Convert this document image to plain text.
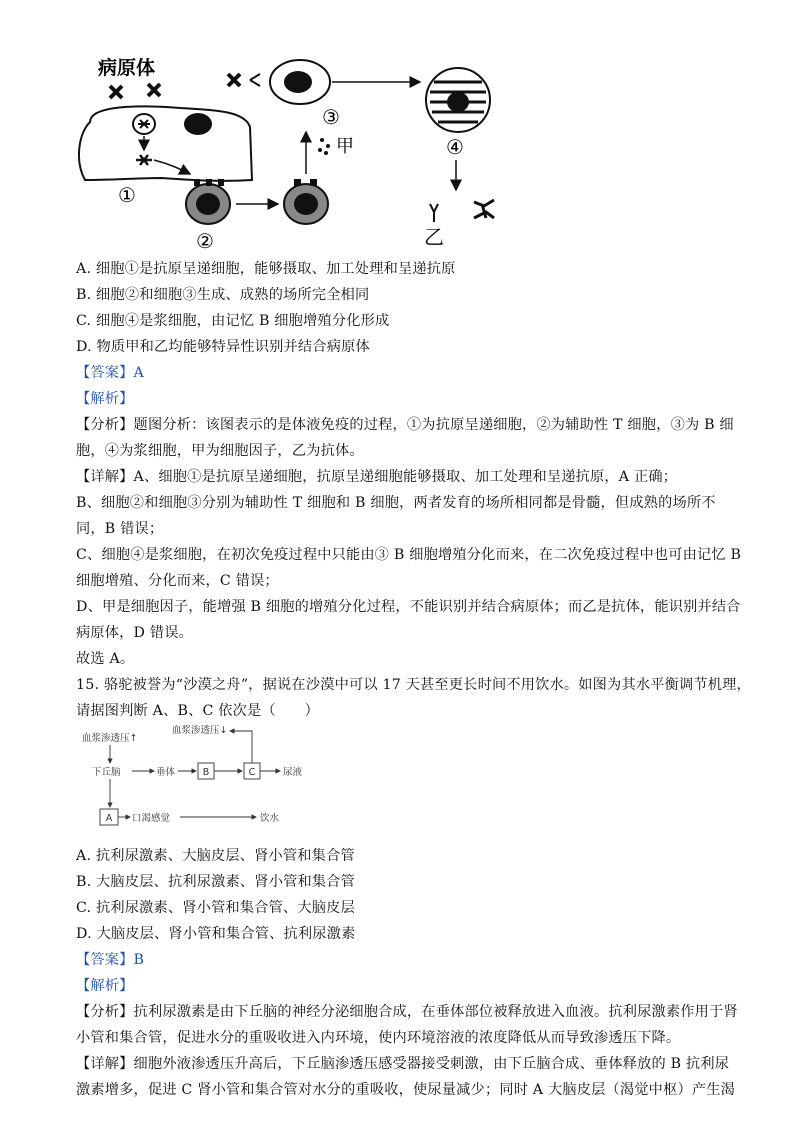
病原体
①
②
③
甲	④
乙
A. 细胞①是抗原呈递细胞，能够摄取、加工处理和呈递抗原
B. 细胞②和细胞③生成、成熟的场所完全相同
C. 细胞④是浆细胞，由记忆 B 细胞增殖分化形成
D. 物质甲和乙均能够特异性识别并结合病原体
【答案】A
【解析】
【分析】题图分析：该图表示的是体液免疫的过程，①为抗原呈递细胞，②为辅助性 T 细胞，③为 B 细
胞，④为浆细胞，甲为细胞因子，乙为抗体。
【详解】A、细胞①是抗原呈递细胞，抗原呈递细胞能够摄取、加工处理和呈递抗原，A 正确；
B、细胞②和细胞③分别为辅助性 T 细胞和 B 细胞，两者发育的场所相同都是骨髓，但成熟的场所不
同，B 错误；
C、细胞④是浆细胞，在初次免疫过程中只能由③ B 细胞增殖分化而来，在二次免疫过程中也可由记忆 B
细胞增殖、分化而来，C 错误；
D、甲是细胞因子，能增强 B 细胞的增殖分化过程，不能识别并结合病原体；而乙是抗体，能识别并结合
病原体，D 错误。
故选 A。
15. 骆驼被誉为“沙漠之舟”，据说在沙漠中可以 17 天甚至更长时间不用饮水。如图为其水平衡调节机理，
请据图判断 A、B、C 依次是（　　）
血浆渗透压↑
血浆渗透压↓
下丘脑	垂体	尿液
口渴感觉	饮水
B	C
A
A. 抗利尿激素、大脑皮层、肾小管和集合管
B. 大脑皮层、抗利尿激素、肾小管和集合管
C. 抗利尿激素、肾小管和集合管、大脑皮层
D. 大脑皮层、肾小管和集合管、抗利尿激素
【答案】B
【解析】
【分析】抗利尿激素是由下丘脑的神经分泌细胞合成，在垂体部位被释放进入血液。抗利尿激素作用于肾
小管和集合管，促进水分的重吸收进入内环境，使内环境溶液的浓度降低从而导致渗透压下降。
【详解】细胞外液渗透压升高后，下丘脑渗透压感受器接受刺激，由下丘脑合成、垂体释放的 B 抗利尿
激素增多，促进 C 肾小管和集合管对水分的重吸收，使尿量减少；同时 A 大脑皮层（渴觉中枢）产生渴
